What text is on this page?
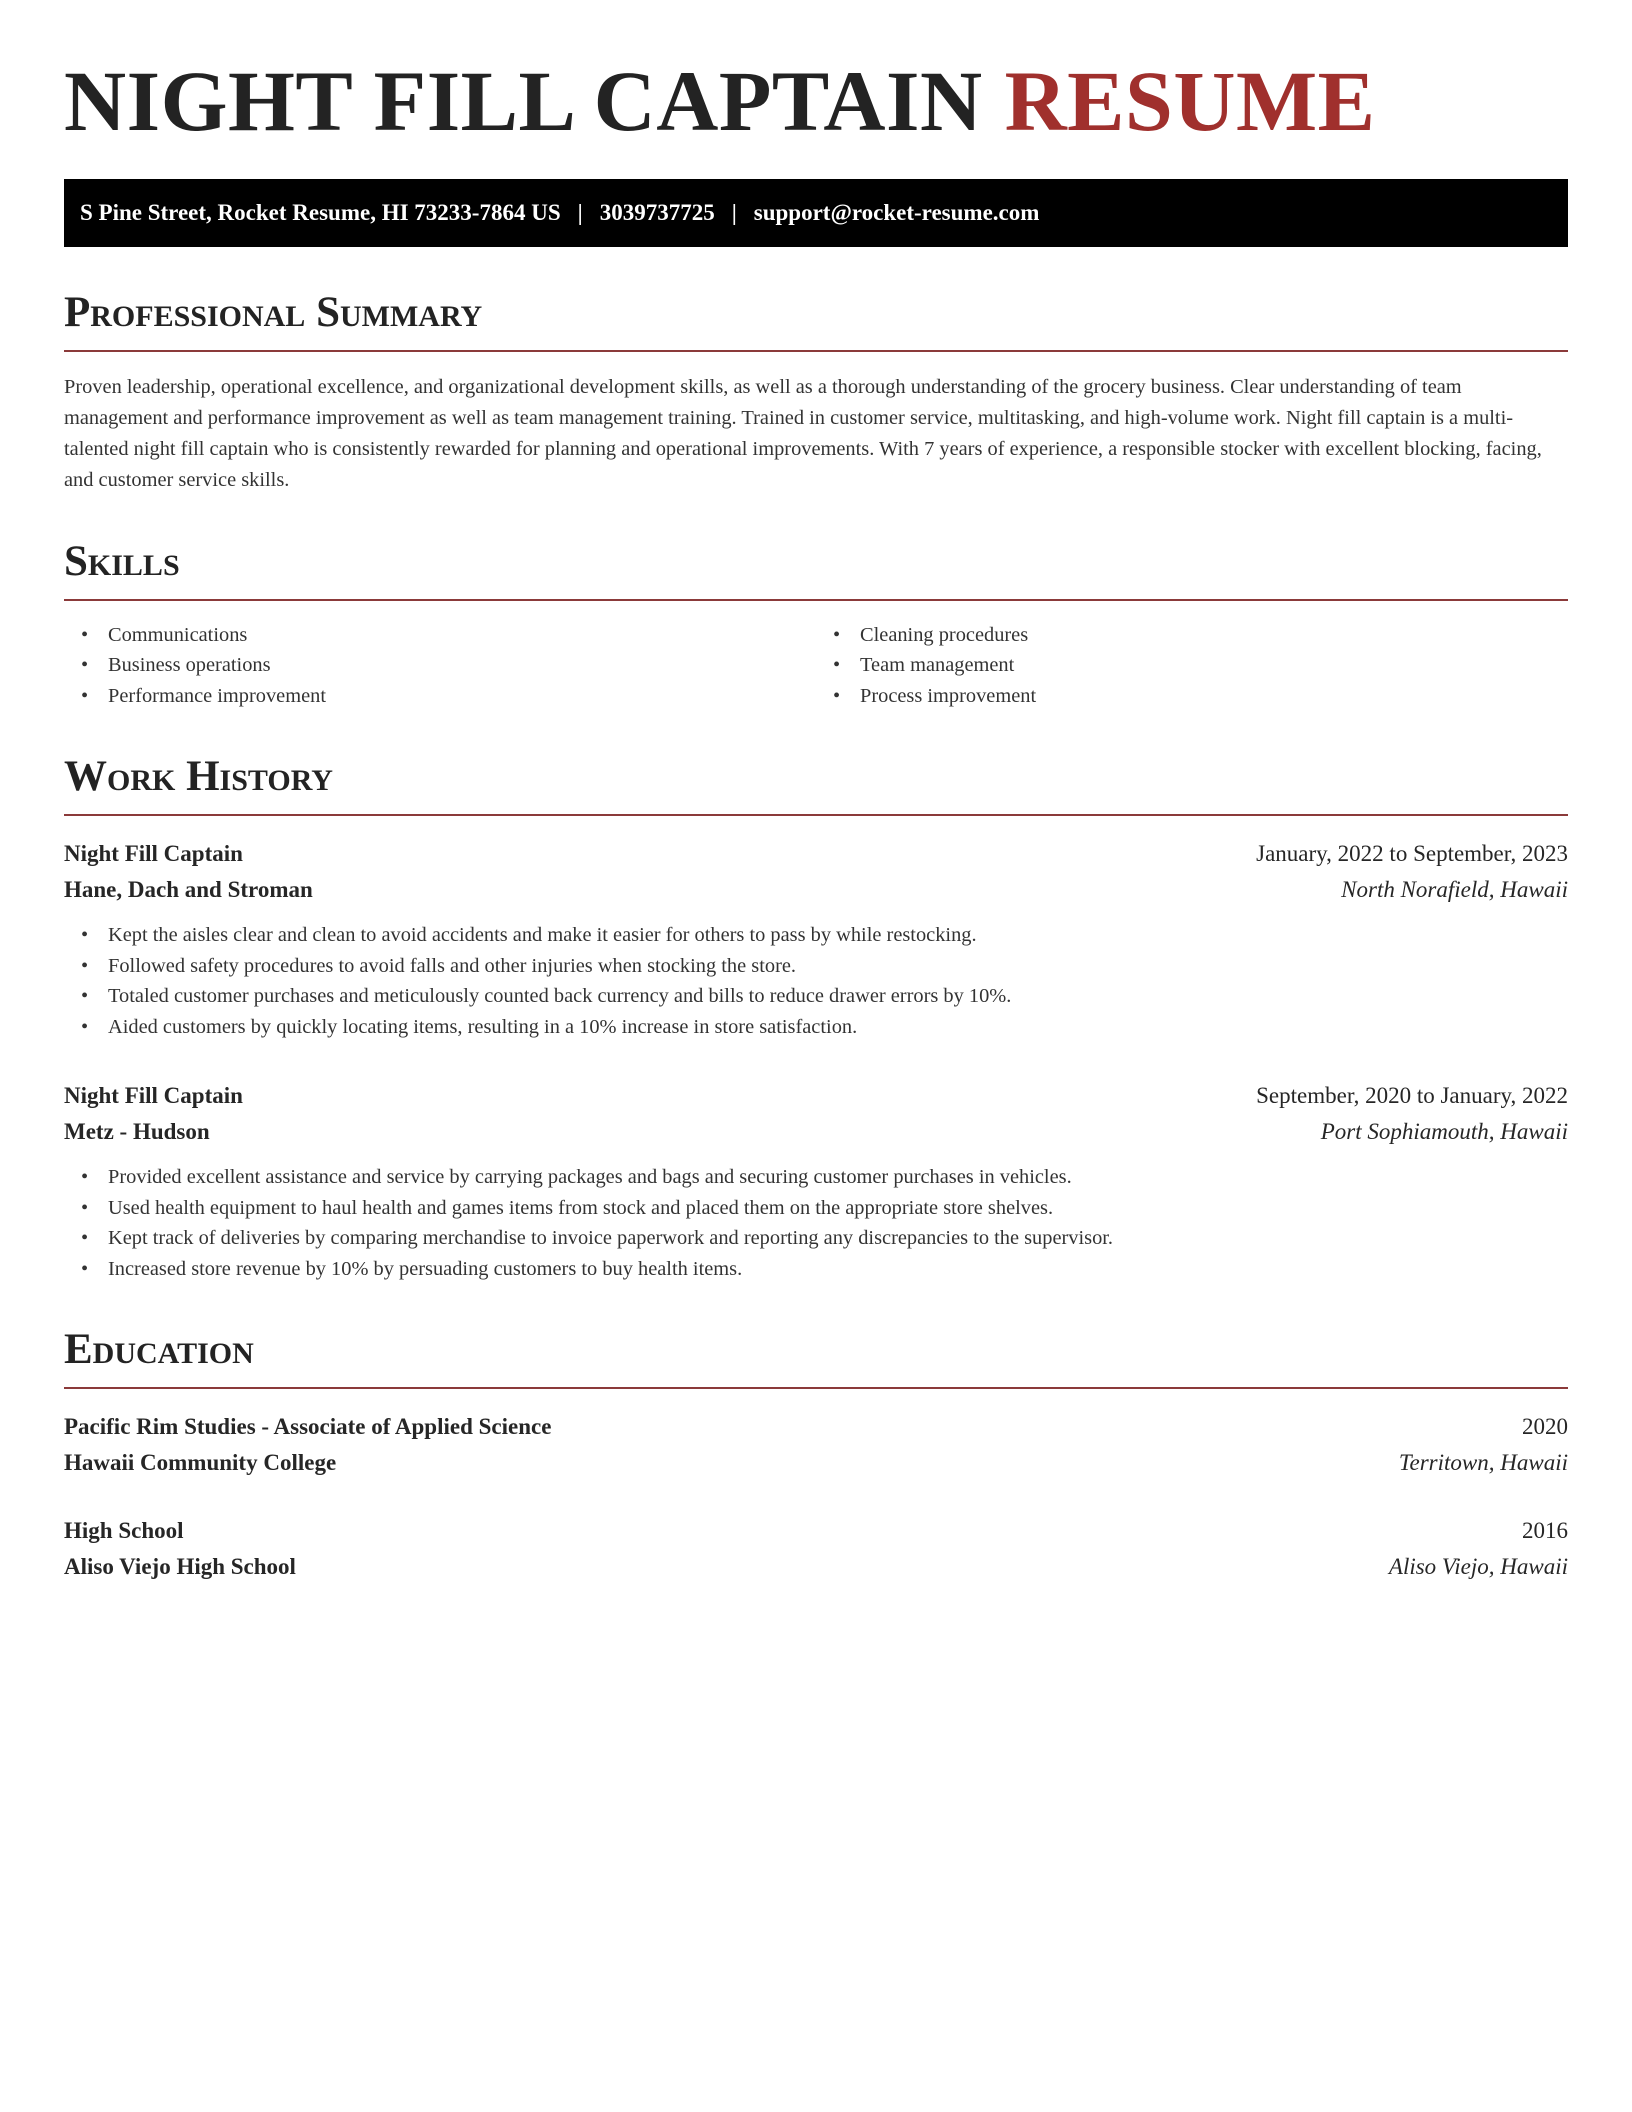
NIGHT FILL CAPTAIN RESUME
S Pine Street, Rocket Resume, HI 73233-7864 US | 3039737725 | support@rocket-resume.com
Professional Summary

Proven leadership, operational excellence, and organizational development skills, as well as a thorough understanding of the grocery business. Clear understanding of team management and performance improvement as well as team management training. Trained in customer service, multitasking, and high-volume work. Night fill captain is a multi-talented night fill captain who is consistently rewarded for planning and operational improvements. With 7 years of experience, a responsible stocker with excellent blocking, facing, and customer service skills.

Skills
• Communications
• Business operations
• Performance improvement
• Cleaning procedures
• Team management
• Process improvement
Work History
Night Fill Captain	January, 2022 to September, 2023
Hane, Dach and Stroman	North Norafield, Hawaii
• Kept the aisles clear and clean to avoid accidents and make it easier for others to pass by while restocking.
• Followed safety procedures to avoid falls and other injuries when stocking the store.
• Totaled customer purchases and meticulously counted back currency and bills to reduce drawer errors by 10%.
• Aided customers by quickly locating items, resulting in a 10% increase in store satisfaction.
Night Fill Captain	September, 2020 to January, 2022
Metz - Hudson	Port Sophiamouth, Hawaii
• Provided excellent assistance and service by carrying packages and bags and securing customer purchases in vehicles.
• Used health equipment to haul health and games items from stock and placed them on the appropriate store shelves.
• Kept track of deliveries by comparing merchandise to invoice paperwork and reporting any discrepancies to the supervisor.
• Increased store revenue by 10% by persuading customers to buy health items.
Education
Pacific Rim Studies - Associate of Applied Science	2020
Hawaii Community College	Territown, Hawaii
High School	2016
Aliso Viejo High School	Aliso Viejo, Hawaii
